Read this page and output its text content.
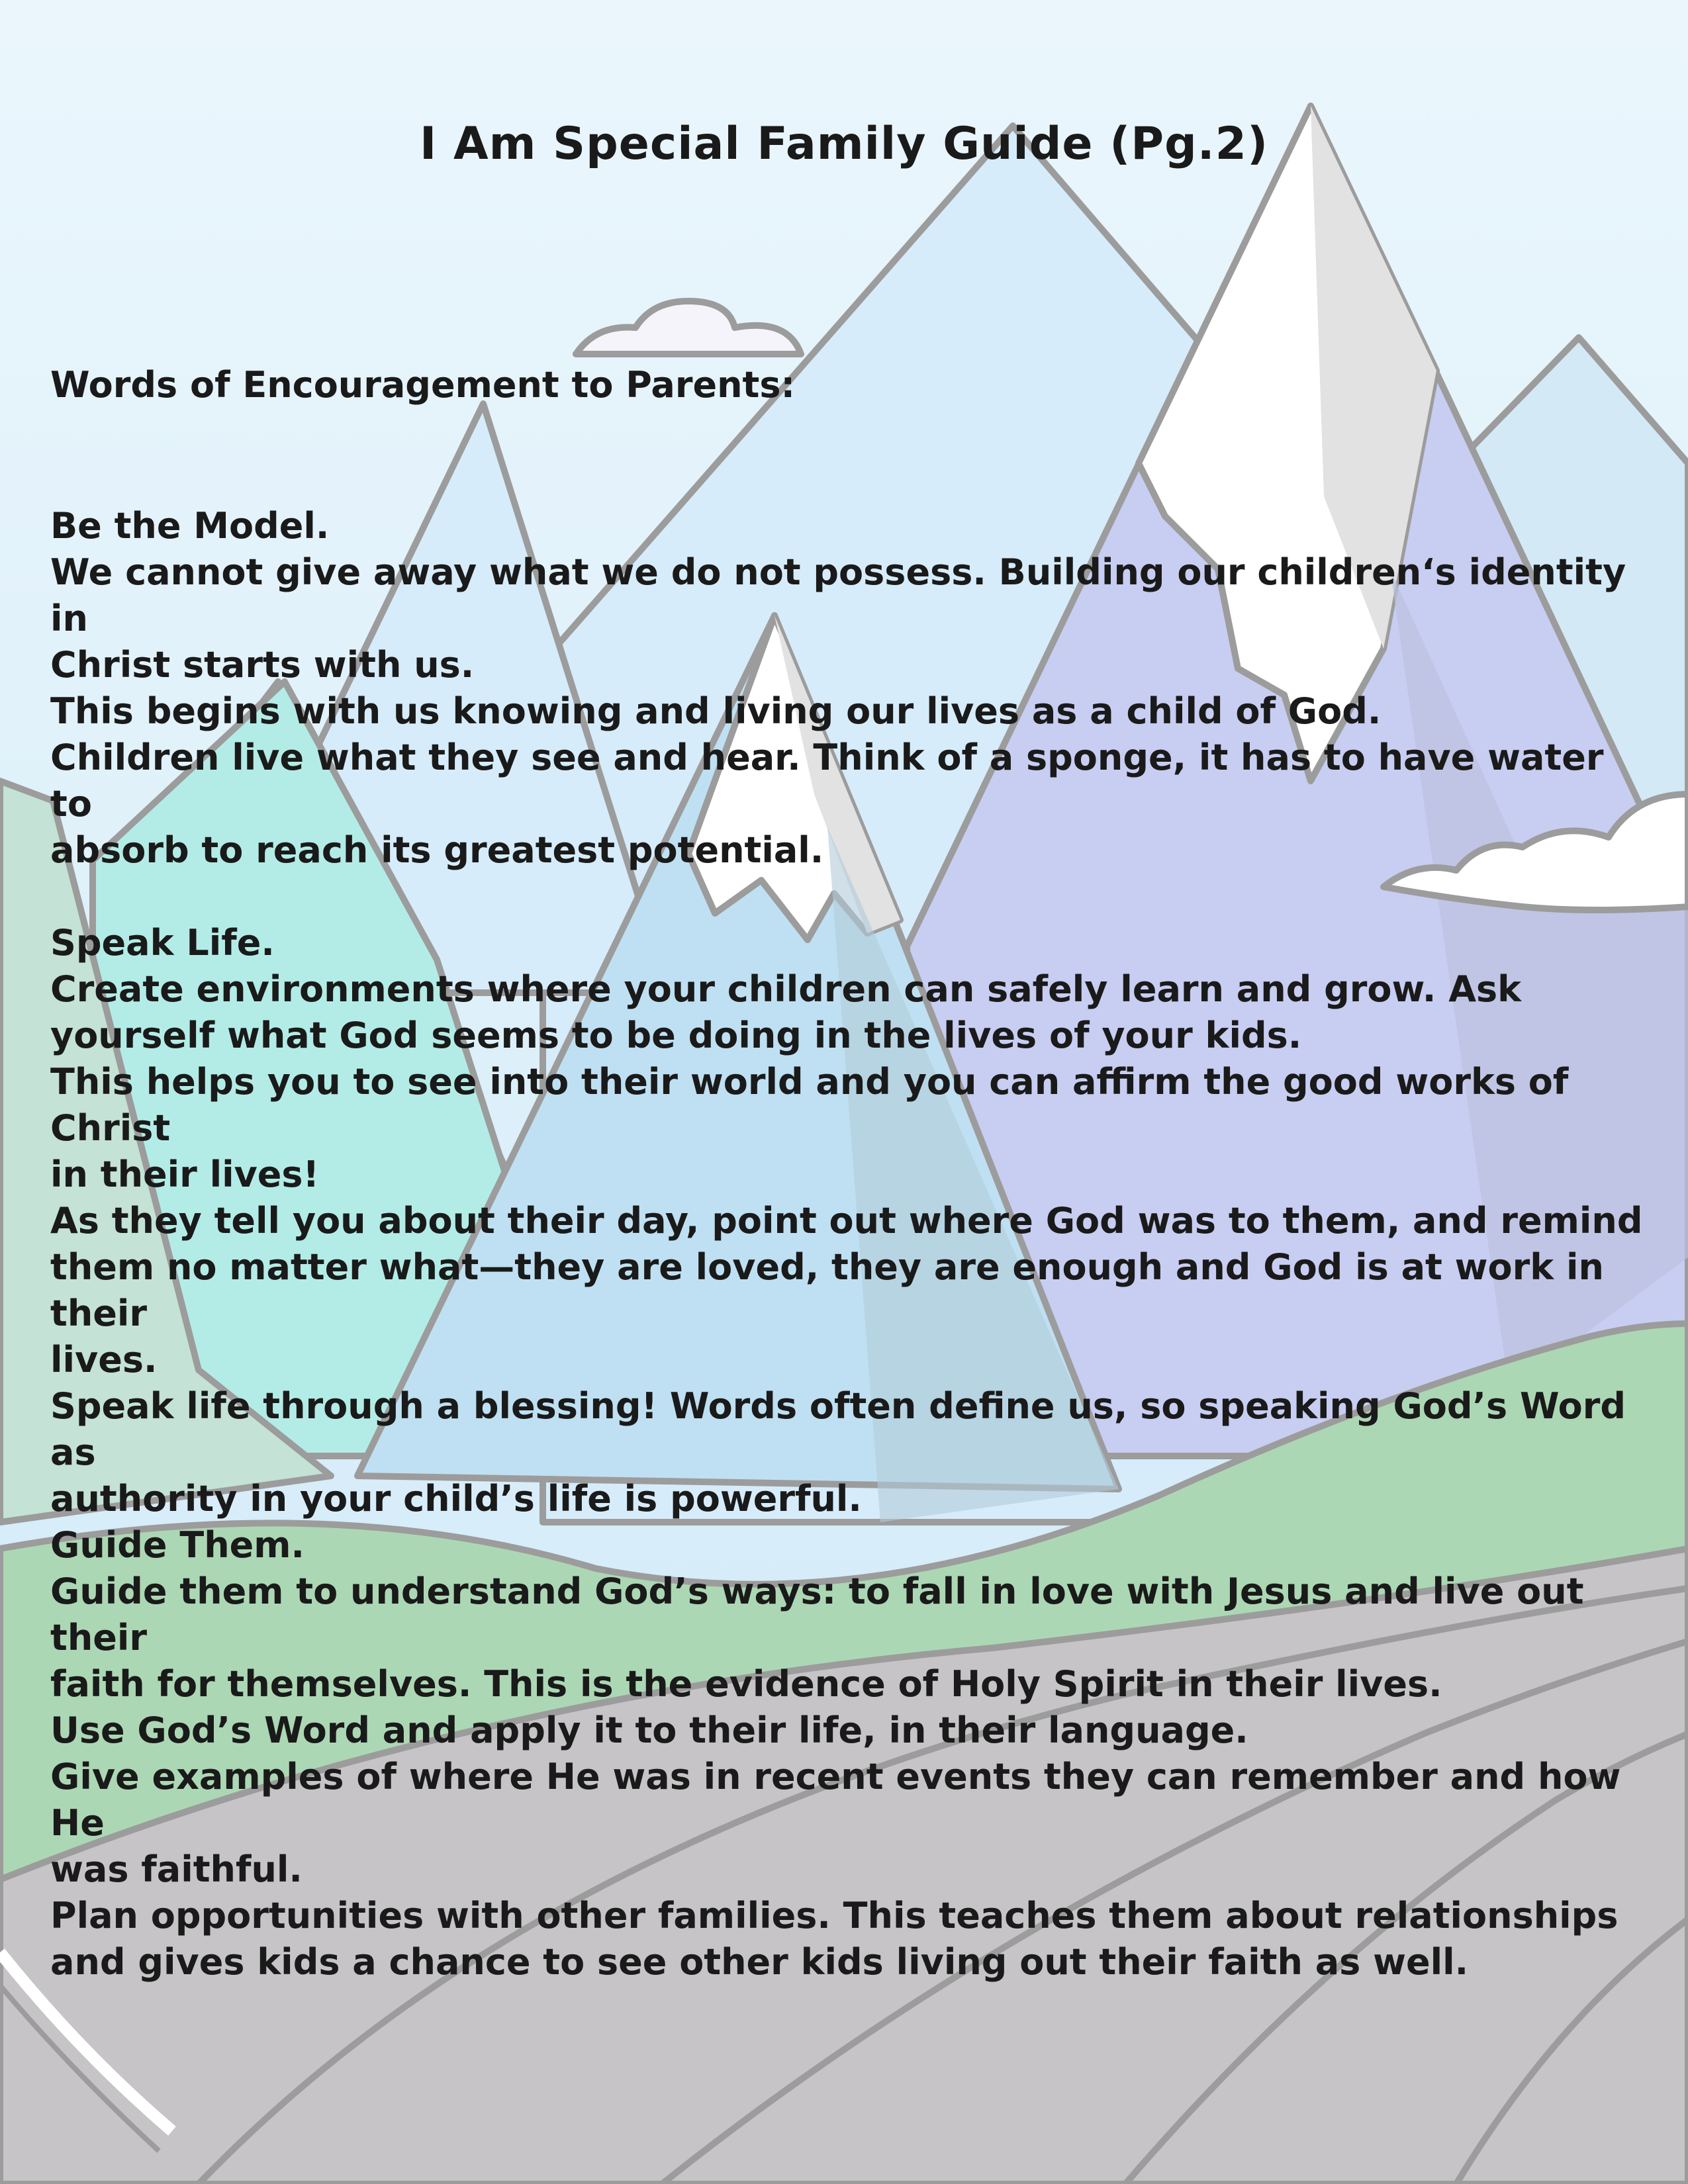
I Am Special Family Guide (Pg.2)

Words of Encouragement to Parents:

Be the Model.

We cannot give away what we do not possess. Building our children‘s identity in

Christ starts with us.

This begins with us knowing and living our lives as a child of God.

Children live what they see and hear. Think of a sponge, it has to have water to

absorb to reach its greatest potential.

Speak Life.

Create environments where your children can safely learn and grow. Ask

yourself what God seems to be doing in the lives of your kids.

This helps you to see into their world and you can affirm the good works of Christ

in their lives!

As they tell you about their day, point out where God was to them, and remind

them no matter what—they are loved, they are enough and God is at work in their

lives.

Speak life through a blessing! Words often define us, so speaking God’s Word as

authority in your child’s life is powerful.

Guide Them.

Guide them to understand God’s ways: to fall in love with Jesus and live out their

faith for themselves. This is the evidence of Holy Spirit in their lives.

Use God’s Word and apply it to their life, in their language.

Give examples of where He was in recent events they can remember and how He

was faithful.

Plan opportunities with other families. This teaches them about relationships

and gives kids a chance to see other kids living out their faith as well.
